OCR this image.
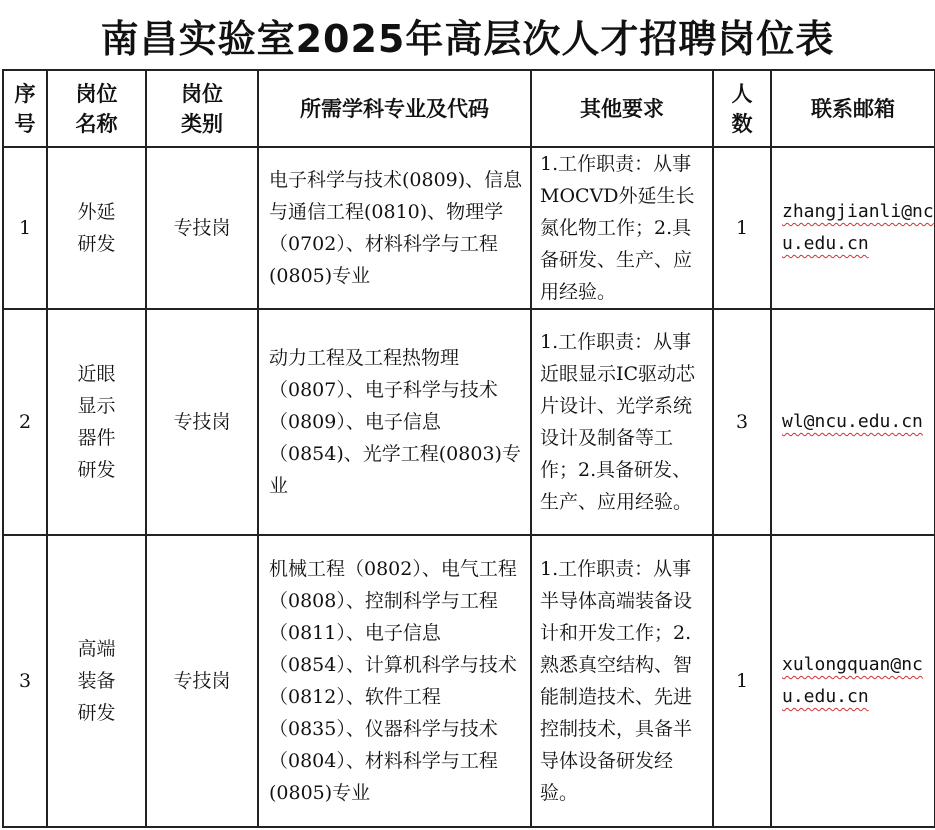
南昌实验室2025年高层次人才招聘岗位表
序号	岗位名称	岗位类别	所需学科专业及代码	其他要求	人数	联系邮箱
1	外延研发	专技岗	电子科学与技术(0809)、信息与通信工程(0810)、物理学（0702）、材料科学与工程(0805)专业	1.工作职责：从事MOCVD外延生长氮化物工作；2.具备研发、生产、应用经验。	1	zhangjianli@ncu.edu.cn

2	近眼显示器件研发	专技岗	动力工程及工程热物理（0807）、电子科学与技术（0809）、电子信息（0854)、光学工程(0803)专业	1.工作职责：从事近眼显示IC驱动芯片设计、光学系统设计及制备等工作；2.具备研发、生产、应用经验。	3	wl@ncu.edu.cn

3	高端装备研发	专技岗	机械工程（0802）、电气工程（0808）、控制科学与工程（0811）、电子信息（0854）、计算机科学与技术（0812）、软件工程（0835）、仪器科学与技术（0804）、材料科学与工程(0805)专业	1.工作职责：从事半导体高端装备设计和开发工作；2.熟悉真空结构、智能制造技术、先进控制技术，具备半导体设备研发经验。	1	xulongquan@ncu.edu.cn
